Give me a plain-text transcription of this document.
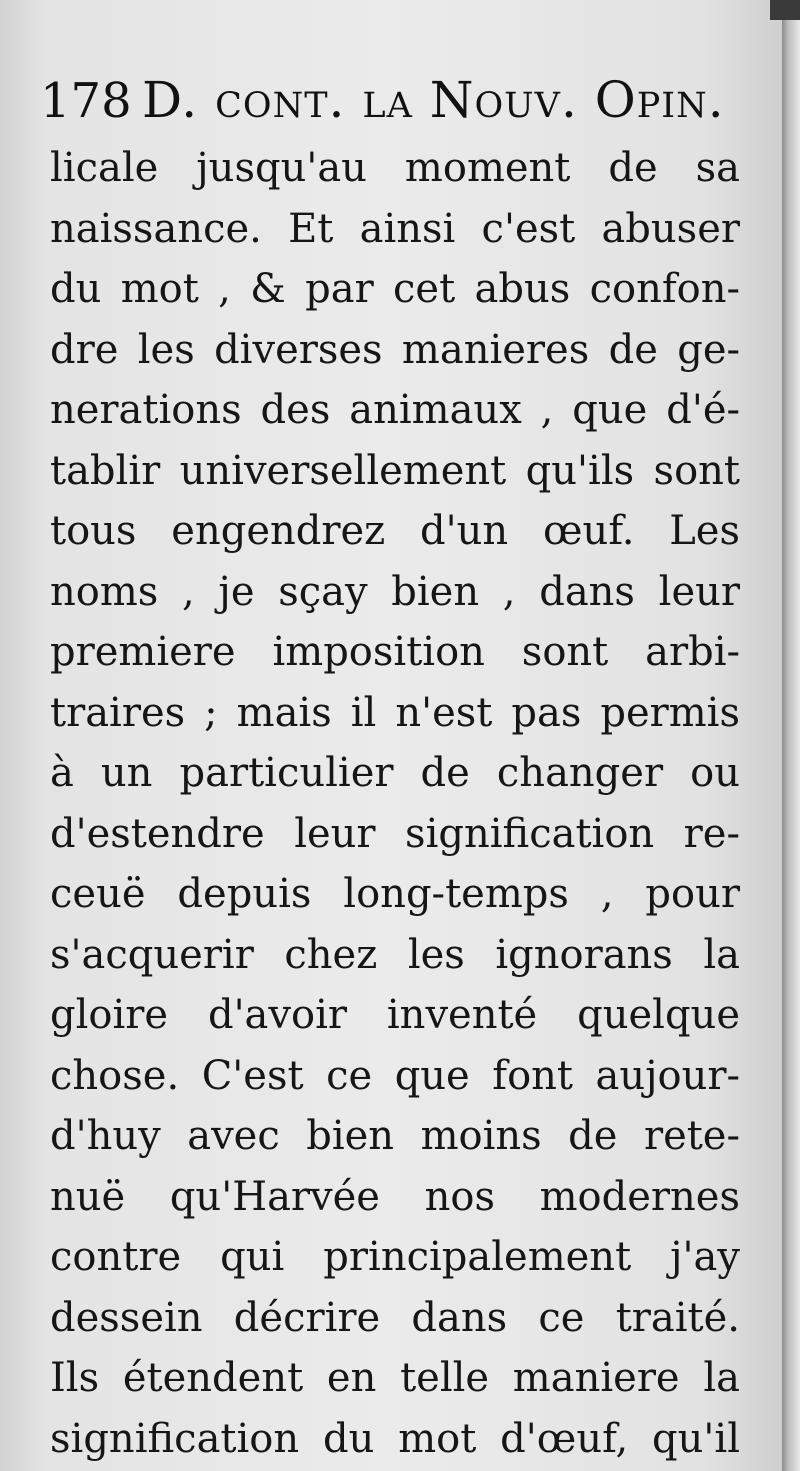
178 D. cont. la Nouv. Opin.
licale jusqu'au moment de sa
naissance. Et ainsi c'est abuser
du mot , & par cet abus confon-
dre les diverses manieres de ge-
nerations des animaux , que d'é-
tablir universellement qu'ils sont
tous engendrez d'un œuf. Les
noms , je sçay bien , dans leur
premiere imposition sont arbi-
traires ; mais il n'est pas permis
à un particulier de changer ou
d'estendre leur signification re-
ceuë depuis long-temps , pour
s'acquerir chez les ignorans la
gloire d'avoir inventé quelque
chose. C'est ce que font aujour-
d'huy avec bien moins de rete-
nuë qu'Harvée nos modernes
contre qui principalement j'ay
dessein décrire dans ce traité.
Ils étendent en telle maniere la
signification du mot d'œuf, qu'il
